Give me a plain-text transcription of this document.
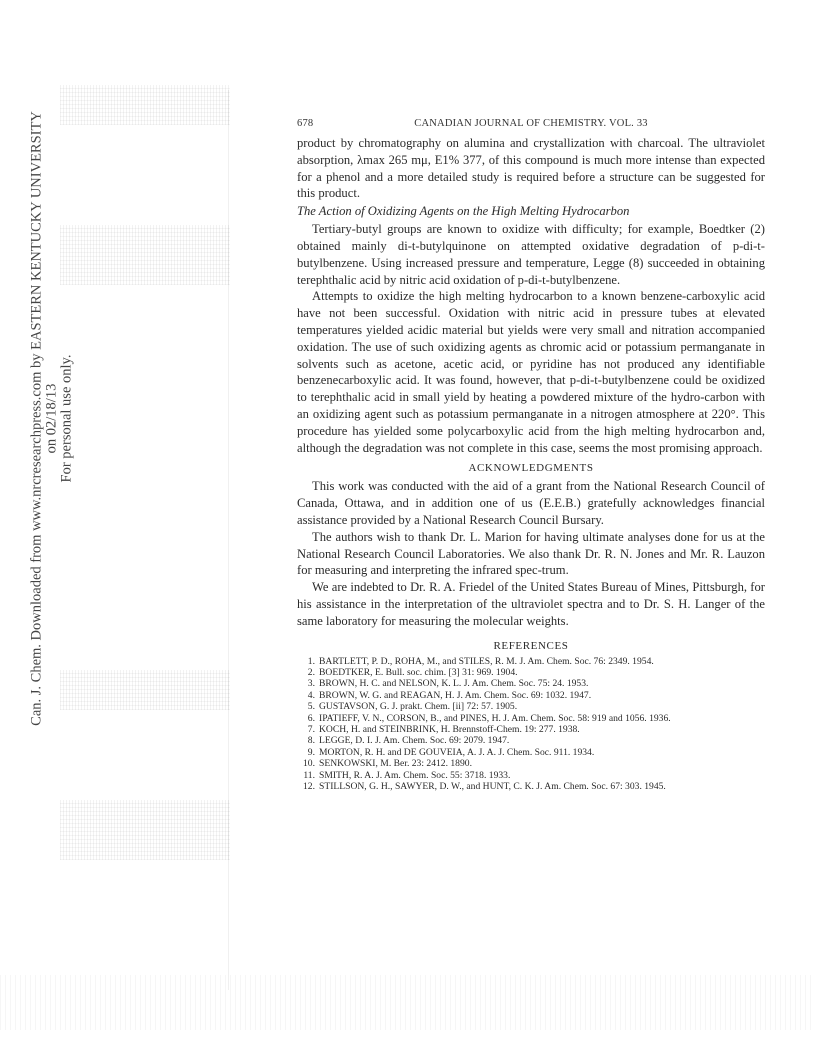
Can. J. Chem. Downloaded from www.nrcresearchpress.com by EASTERN KENTUCKY UNIVERSITY on 02/18/13 For personal use only.
678	CANADIAN JOURNAL OF CHEMISTRY. VOL. 33

product by chromatography on alumina and crystallization with charcoal. The ultraviolet absorption, λmax 265 mμ, E1% 377, of this compound is much more intense than expected for a phenol and a more detailed study is required before a structure can be suggested for this product.

The Action of Oxidizing Agents on the High Melting Hydrocarbon

Tertiary-butyl groups are known to oxidize with difficulty; for example, Boedtker (2) obtained mainly di-t-butylquinone on attempted oxidative degradation of p-di-t-butylbenzene. Using increased pressure and temperature, Legge (8) succeeded in obtaining terephthalic acid by nitric acid oxidation of p-di-t-butylbenzene.

Attempts to oxidize the high melting hydrocarbon to a known benzene-carboxylic acid have not been successful. Oxidation with nitric acid in pressure tubes at elevated temperatures yielded acidic material but yields were very small and nitration accompanied oxidation. The use of such oxidizing agents as chromic acid or potassium permanganate in solvents such as acetone, acetic acid, or pyridine has not produced any identifiable benzenecarboxylic acid. It was found, however, that p-di-t-butylbenzene could be oxidized to terephthalic acid in small yield by heating a powdered mixture of the hydro-carbon with an oxidizing agent such as potassium permanganate in a nitrogen atmosphere at 220°. This procedure has yielded some polycarboxylic acid from the high melting hydrocarbon and, although the degradation was not complete in this case, seems the most promising approach.

ACKNOWLEDGMENTS

This work was conducted with the aid of a grant from the National Research Council of Canada, Ottawa, and in addition one of us (E.E.B.) gratefully acknowledges financial assistance provided by a National Research Council Bursary.

The authors wish to thank Dr. L. Marion for having ultimate analyses done for us at the National Research Council Laboratories. We also thank Dr. R. N. Jones and Mr. R. Lauzon for measuring and interpreting the infrared spec-trum.

We are indebted to Dr. R. A. Friedel of the United States Bureau of Mines, Pittsburgh, for his assistance in the interpretation of the ultraviolet spectra and to Dr. S. H. Langer of the same laboratory for measuring the molecular weights.

REFERENCES
1. BARTLETT, P. D., ROHA, M., and STILES, R. M. J. Am. Chem. Soc. 76: 2349. 1954.
2. BOEDTKER, E. Bull. soc. chim. [3] 31: 969. 1904.
3. BROWN, H. C. and NELSON, K. L. J. Am. Chem. Soc. 75: 24. 1953.
4. BROWN, W. G. and REAGAN, H. J. Am. Chem. Soc. 69: 1032. 1947.
5. GUSTAVSON, G. J. prakt. Chem. [ii] 72: 57. 1905.
6. IPATIEFF, V. N., CORSON, B., and PINES, H. J. Am. Chem. Soc. 58: 919 and 1056. 1936.
7. KOCH, H. and STEINBRINK, H. Brennstoff-Chem. 19: 277. 1938.
8. LEGGE, D. I. J. Am. Chem. Soc. 69: 2079. 1947.
9. MORTON, R. H. and DE GOUVEIA, A. J. A. J. Chem. Soc. 911. 1934.
10. SENKOWSKI, M. Ber. 23: 2412. 1890.
11. SMITH, R. A. J. Am. Chem. Soc. 55: 3718. 1933.
12. STILLSON, G. H., SAWYER, D. W., and HUNT, C. K. J. Am. Chem. Soc. 67: 303. 1945.
